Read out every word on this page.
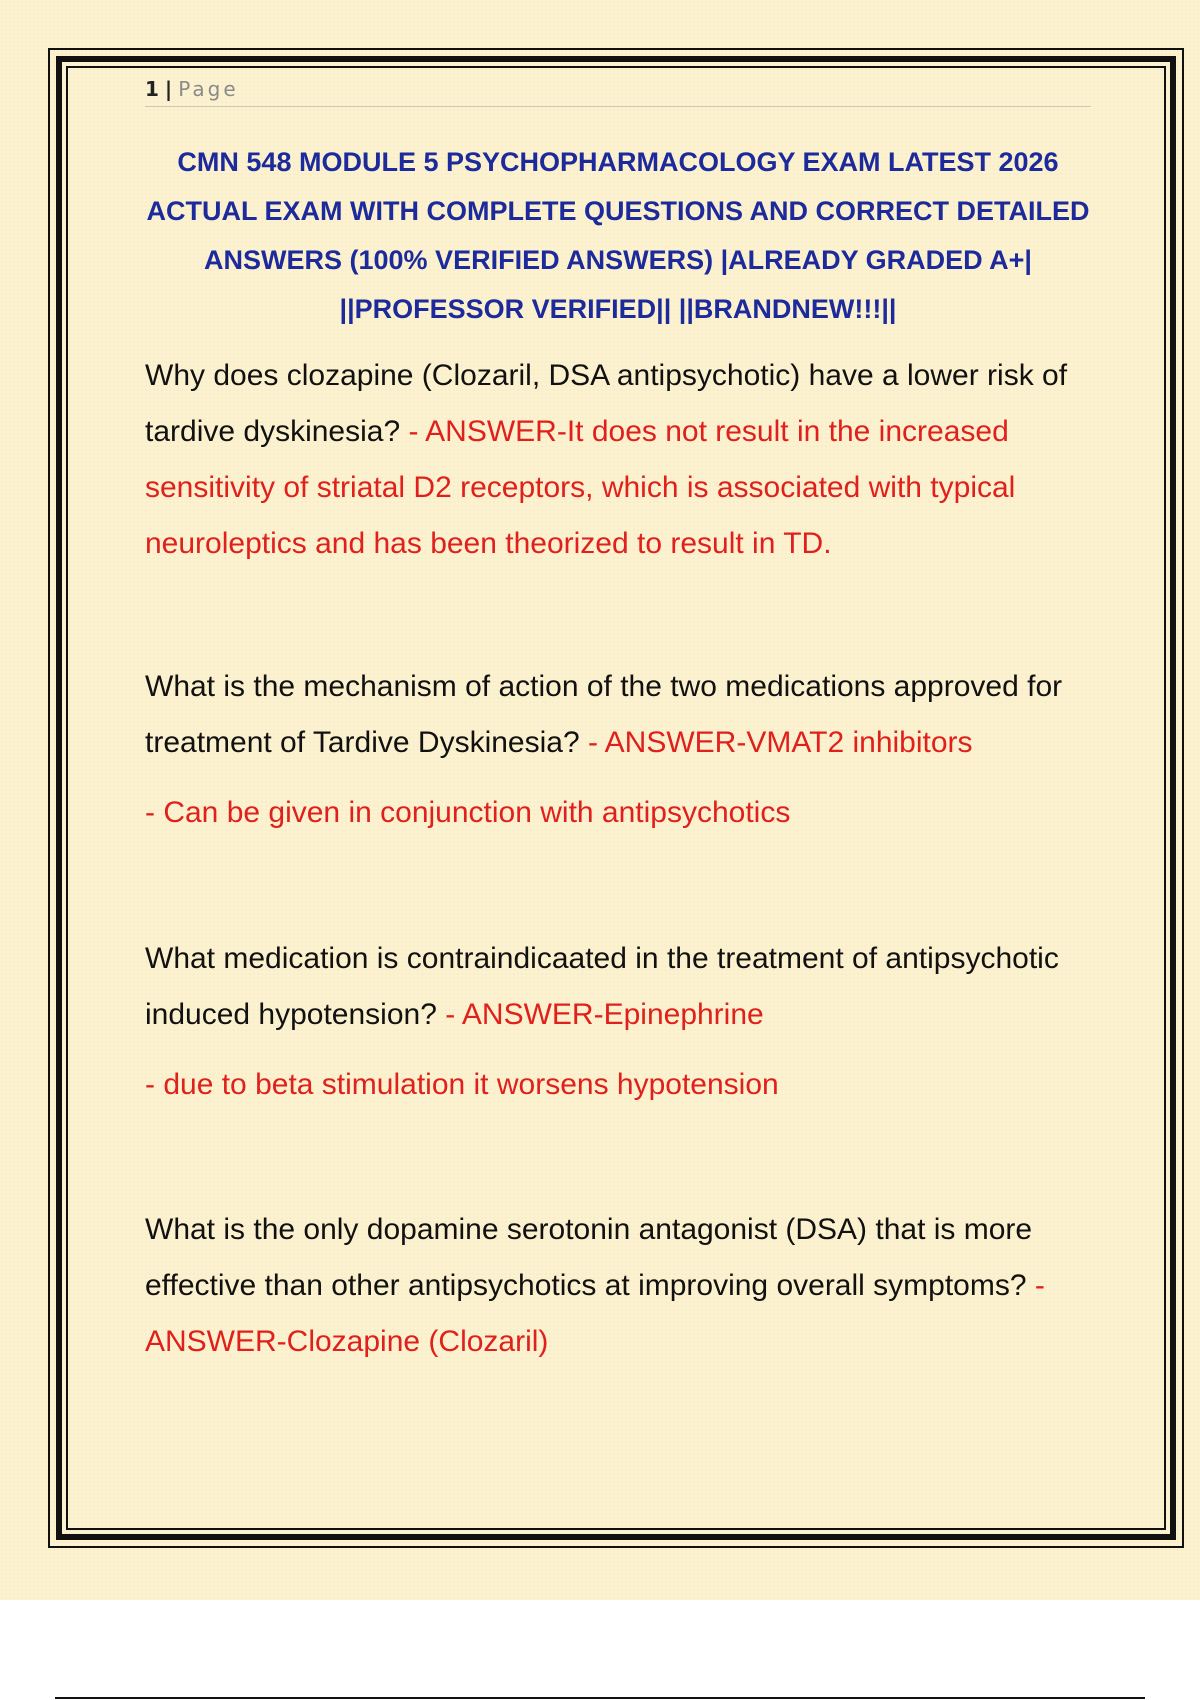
1 | Page
CMN 548 MODULE 5 PSYCHOPHARMACOLOGY EXAM LATEST 2026 ACTUAL EXAM WITH COMPLETE QUESTIONS AND CORRECT DETAILED ANSWERS (100% VERIFIED ANSWERS) |ALREADY GRADED A+| ||PROFESSOR VERIFIED|| ||BRANDNEW!!!||
Why does clozapine (Clozaril, DSA antipsychotic) have a lower risk of tardive dyskinesia? - ANSWER-It does not result in the increased sensitivity of striatal D2 receptors, which is associated with typical neuroleptics and has been theorized to result in TD.
What is the mechanism of action of the two medications approved for treatment of Tardive Dyskinesia? - ANSWER-VMAT2 inhibitors
- Can be given in conjunction with antipsychotics
What medication is contraindicaated in the treatment of antipsychotic induced hypotension? - ANSWER-Epinephrine
- due to beta stimulation it worsens hypotension
What is the only dopamine serotonin antagonist (DSA) that is more effective than other antipsychotics at improving overall symptoms? - ANSWER-Clozapine (Clozaril)
